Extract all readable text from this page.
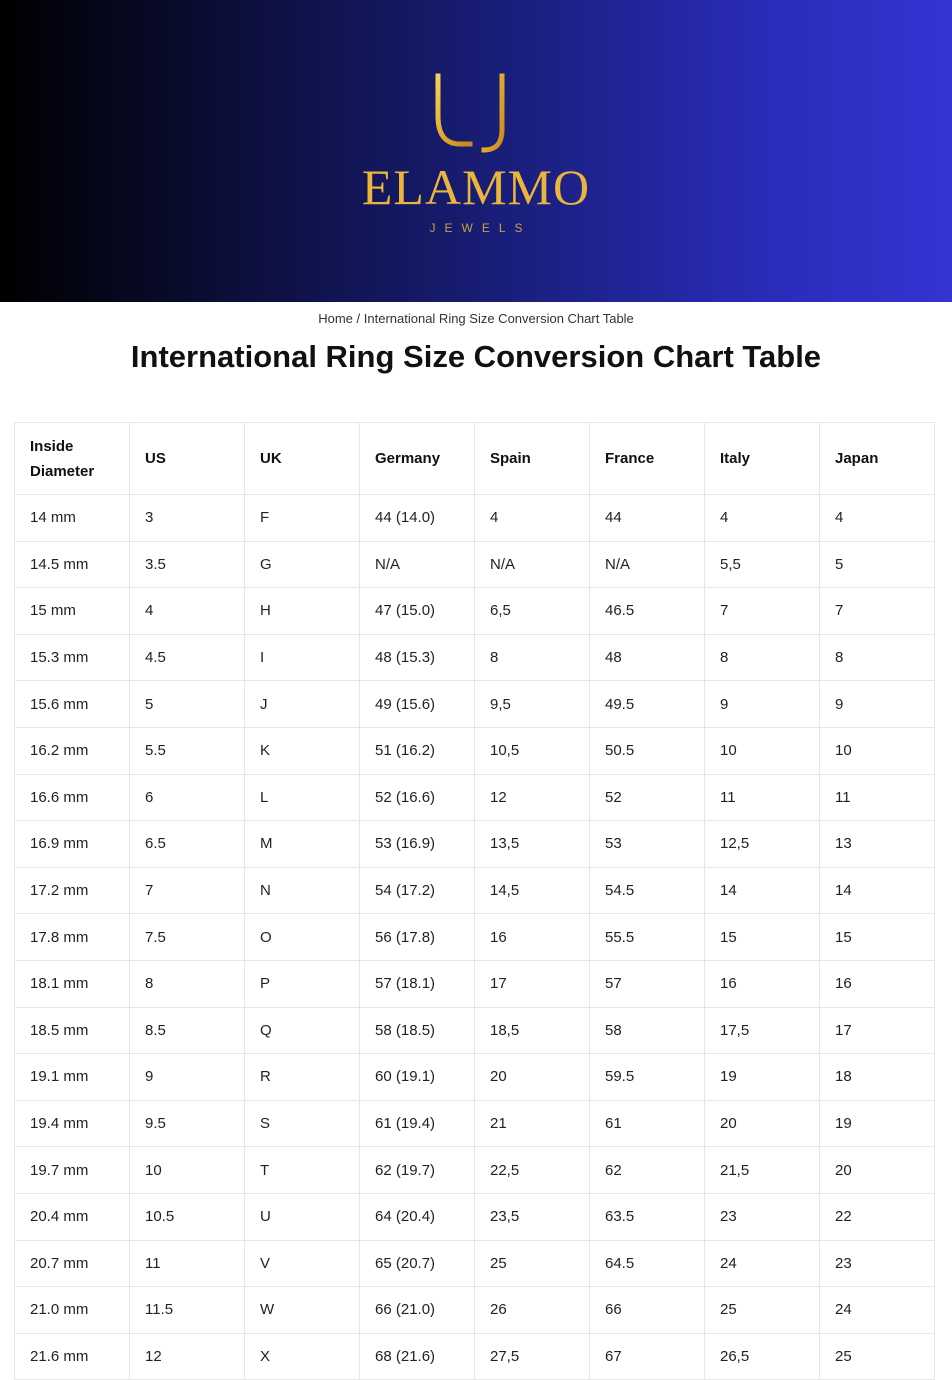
ELAMMO
JEWELS
Home / International Ring Size Conversion Chart Table
International Ring Size Conversion Chart Table
Inside Diameter	US	UK	Germany	Spain	France	Italy	Japan
14 mm	3	F	44 (14.0)	4	44	4	4
14.5 mm	3.5	G	N/A	N/A	N/A	5,5	5
15 mm	4	H	47 (15.0)	6,5	46.5	7	7
15.3 mm	4.5	I	48 (15.3)	8	48	8	8
15.6 mm	5	J	49 (15.6)	9,5	49.5	9	9
16.2 mm	5.5	K	51 (16.2)	10,5	50.5	10	10
16.6 mm	6	L	52 (16.6)	12	52	11	11
16.9 mm	6.5	M	53 (16.9)	13,5	53	12,5	13
17.2 mm	7	N	54 (17.2)	14,5	54.5	14	14
17.8 mm	7.5	O	56 (17.8)	16	55.5	15	15
18.1 mm	8	P	57 (18.1)	17	57	16	16
18.5 mm	8.5	Q	58 (18.5)	18,5	58	17,5	17
19.1 mm	9	R	60 (19.1)	20	59.5	19	18
19.4 mm	9.5	S	61 (19.4)	21	61	20	19
19.7 mm	10	T	62 (19.7)	22,5	62	21,5	20
20.4 mm	10.5	U	64 (20.4)	23,5	63.5	23	22
20.7 mm	11	V	65 (20.7)	25	64.5	24	23
21.0 mm	11.5	W	66 (21.0)	26	66	25	24
21.6 mm	12	X	68 (21.6)	27,5	67	26,5	25
